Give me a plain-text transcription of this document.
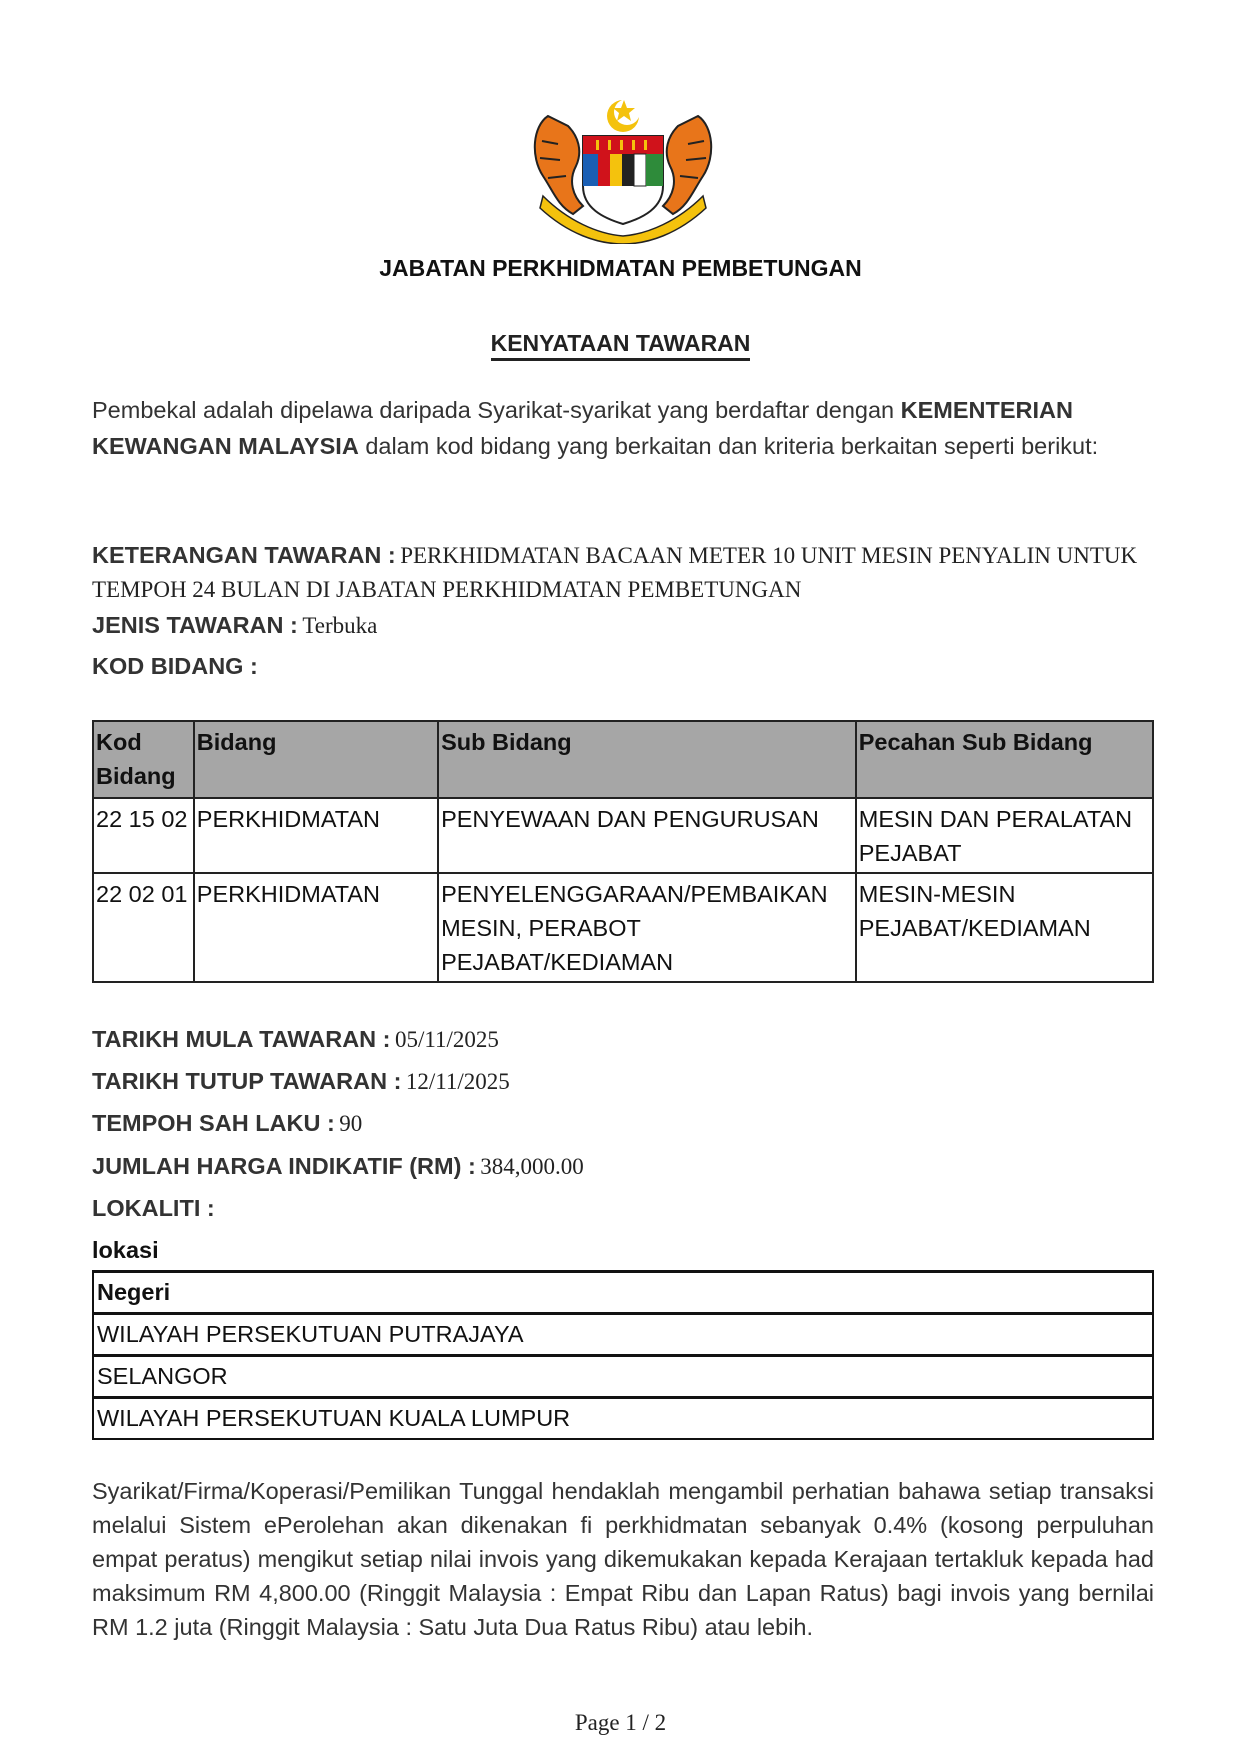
JABATAN PERKHIDMATAN PEMBETUNGAN
KENYATAAN TAWARAN
Pembekal adalah dipelawa daripada Syarikat-syarikat yang berdaftar dengan KEMENTERIAN KEWANGAN MALAYSIA dalam kod bidang yang berkaitan dan kriteria berkaitan seperti berikut:
KETERANGAN TAWARAN : PERKHIDMATAN BACAAN METER 10 UNIT MESIN PENYALIN UNTUK TEMPOH 24 BULAN DI JABATAN PERKHIDMATAN PEMBETUNGAN
JENIS TAWARAN : Terbuka
KOD BIDANG :
Kod Bidang	Bidang	Sub Bidang	Pecahan Sub Bidang
22 15 02	PERKHIDMATAN	PENYEWAAN DAN PENGURUSAN	MESIN DAN PERALATAN PEJABAT
22 02 01	PERKHIDMATAN	PENYELENGGARAAN/PEMBAIKAN MESIN, PERABOT PEJABAT/KEDIAMAN	MESIN-MESIN PEJABAT/KEDIAMAN
TARIKH MULA TAWARAN : 05/11/2025
TARIKH TUTUP TAWARAN : 12/11/2025
TEMPOH SAH LAKU : 90
JUMLAH HARGA INDIKATIF (RM) : 384,000.00
LOKALITI :
lokasi
Negeri
WILAYAH PERSEKUTUAN PUTRAJAYA
SELANGOR
WILAYAH PERSEKUTUAN KUALA LUMPUR
Syarikat/Firma/Koperasi/Pemilikan Tunggal hendaklah mengambil perhatian bahawa setiap transaksi melalui Sistem ePerolehan akan dikenakan fi perkhidmatan sebanyak 0.4% (kosong perpuluhan empat peratus) mengikut setiap nilai invois yang dikemukakan kepada Kerajaan tertakluk kepada had maksimum RM 4,800.00 (Ringgit Malaysia : Empat Ribu dan Lapan Ratus) bagi invois yang bernilai RM 1.2 juta (Ringgit Malaysia : Satu Juta Dua Ratus Ribu) atau lebih.
Page 1 / 2
